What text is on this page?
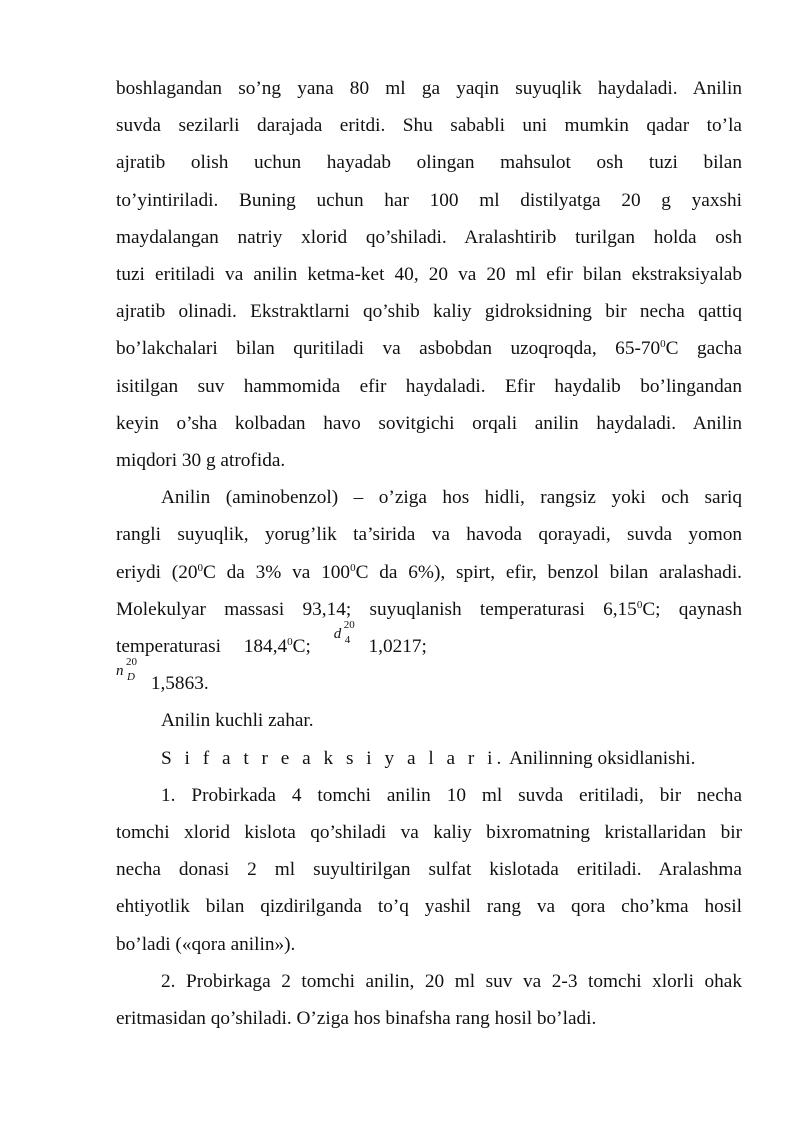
boshlagandan so’ng yana 80 ml ga yaqin suyuqlik haydaladi. Anilin
suvda sezilarli darajada eritdi. Shu sababli uni mumkin qadar to’la
ajratib olish uchun hayadab olingan mahsulot osh tuzi bilan
to’yintiriladi. Buning uchun har 100 ml distilyatga 20 g yaxshi
maydalangan natriy xlorid qo’shiladi. Aralashtirib turilgan holda osh
tuzi eritiladi va anilin ketma-ket 40, 20 va 20 ml efir bilan ekstraksiyalab
ajratib olinadi. Ekstraktlarni qo’shib kaliy gidroksidning bir necha qattiq
bo’lakchalari bilan quritiladi va asbobdan uzoqroqda, $65-70^0C$ gacha
isitilgan suv hammomida efir haydaladi. Efir haydalib bo’lingandan
keyin o’sha kolbadan havo sovitgichi orqali anilin haydaladi. Anilin
miqdori 30 g atrofida.
Anilin (aminobenzol) – o’ziga hos hidli, rangsiz yoki och sariq
rangli suyuqlik, yorug’lik ta’sirida va havoda qorayadi, suvda yomon
eriydi ($20^0C$ da 3% va $100^0C$ da 6%), spirt, efir, benzol bilan aralashadi.
Molekulyar massasi 93,14; suyuqlanish temperaturasi 6,15$^0$C; qaynash
temperaturasi 184,4$^0$C;
d
20
4 1,0217;
n
20
D 1,5863.
Anilin kuchli zahar.
S i f a t r e a k s i y a l a r i. Anilinning oksidlanishi.
1. Probirkada 4 tomchi anilin 10 ml suvda eritiladi, bir necha
tomchi xlorid kislota qo’shiladi va kaliy bixromatning kristallaridan bir
necha donasi 2 ml suyultirilgan sulfat kislotada eritiladi. Aralashma
ehtiyotlik bilan qizdirilganda to’q yashil rang va qora cho’kma hosil
bo’ladi («qora anilin»).
2. Probirkaga 2 tomchi anilin, 20 ml suv va 2-3 tomchi xlorli ohak
eritmasidan qo’shiladi. O’ziga hos binafsha rang hosil bo’ladi.
